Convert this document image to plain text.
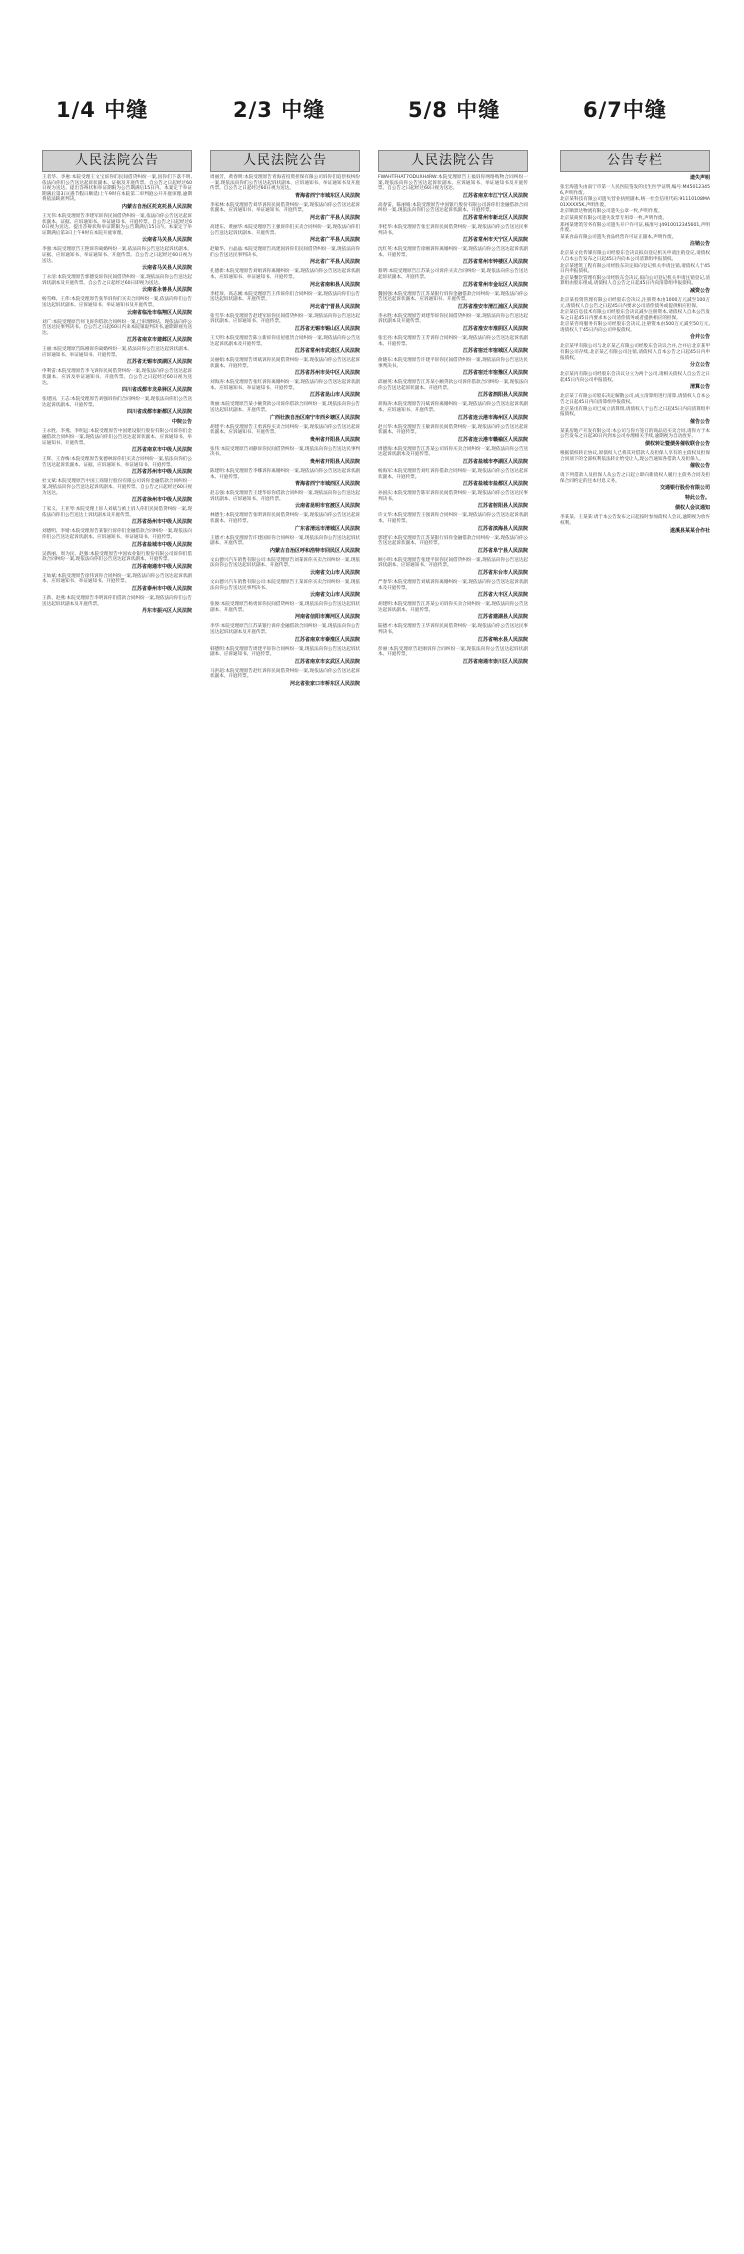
1/4 中缝	2/3 中缝	5/8 中缝	6/7中缝
人民法院公告
王者华、李惠:本院受理王文宝诉你们民间借贷纠纷一案,因你们下落不明,依法向你们公告送达起诉状副本、证据及开庭传票。自公告之日起经过60日视为送达。提出答辩状和举证期限为公告期满后15日内。本案定于举证期满后第3日(遇节假日顺延)上午9时在本院第二审判庭公开开庭审理,逾期将依法缺席判决。
内蒙古自治区托克托县人民法院
王光伟:本院受理原告李建军诉你民间借贷纠纷一案,依法向你公告送达起诉状副本、证据、应诉通知书、举证通知书、开庭传票。自公告之日起经过60日视为送达。提出答辩状和举证期限为公告期满后15日内。本案定于举证期满后第3日上午9时在本院开庭审理。
云南省马关县人民法院
李强:本院受理原告王艳诉你离婚纠纷一案,依法向你公告送达起诉状副本、证据、应诉通知书、举证通知书、开庭传票。自公告之日起经过60日视为送达。
云南省马关县人民法院
丁永清:本院受理原告郭德发诉你民间借贷纠纷一案,现依法向你公告送达起诉状副本及开庭传票。自公告之日起经过60日即视为送达。
云南省永善县人民法院
杨雪峰、王伟:本院受理原告张华诉你们买卖合同纠纷一案,依法向你们公告送达起诉状副本、应诉通知书、举证通知书及开庭传票。
云南省临沧市临翔区人民法院
刘广:本院受理原告何飞诉你借款合同纠纷一案,已审理终结。现依法向你公告送达民事判决书。自公告之日起60日内来本院领取判决书,逾期即视为送达。
江苏省南京市建邺区人民法院
王丽:本院受理原告陈刚诉你离婚纠纷一案,依法向你公告送达起诉状副本、应诉通知书、举证通知书、开庭传票。
江苏省无锡市滨湖区人民法院
申利雷:本院受理原告李飞诉你民间借贷纠纷一案,现依法向你公告送达起诉状副本、应诉及举证通知书、开庭传票。自公告之日起经过60日视为送达。
四川省成都市龙泉驿区人民法院
张建国、王志:本院受理原告刘强诉你们合同纠纷一案,现依法向你们公告送达起诉状副本、开庭传票。
四川省成都市新都区人民法院
中院公告
王永胜、李燕、李明远:本院受理原告中国建设银行股份有限公司诉你们金融借款合同纠纷一案,现依法向你们公告送达起诉状副本、应诉通知书、举证通知书、开庭传票。
江苏省南京市中级人民法院
王辉、王春梅:本院受理原告张德林诉你们买卖合同纠纷一案,依法向你们公告送达起诉状副本、证据、应诉通知书、举证通知书、开庭传票。
江苏省苏州市中级人民法院
杜文斌:本院受理原告中国工商银行股份有限公司诉你金融借款合同纠纷一案,现依法向你公告送达起诉状副本、开庭传票。自公告之日起经过60日视为送达。
江苏省徐州市中级人民法院
丁家义、王亚琴:本院受理上诉人刘斌与被上诉人你们民间借贷纠纷一案,现依法向你们公告送达上诉状副本及开庭传票。
江苏省扬州市中级人民法院
刘德明、李婧:本院受理原告某银行诉你们金融借款合同纠纷一案,现依法向你们公告送达起诉状副本、应诉通知书、举证通知书、开庭传票。
江苏省盐城市中级人民法院
吴新丽、周为民、赵强:本院受理原告中国农业银行股份有限公司诉你们借款合同纠纷一案,现依法向你们公告送达起诉状副本、开庭传票。
江苏省南通市中级人民法院
王灿斌:本院受理原告徐伟诉你合同纠纷一案,现依法向你公告送达起诉状副本、应诉通知书、举证通知书、开庭传票。
江苏省泰州市中级人民法院
王新、赵燕:本院受理原告李明诉你们借款合同纠纷一案,现依法向你们公告送达起诉状副本及开庭传票。
丹东市振兴区人民法院
人民法院公告
周丽芳、黄春明:本院受理原告青海省投资担保有限公司诉你们追偿权纠纷一案,现依法向你们公告送达起诉状副本、应诉通知书、举证通知书及开庭传票。自公告之日起经过60日视为送达。
青海省西宁市城东区人民法院
李家林:本院受理原告刘华诉你民间借贷纠纷一案,现依法向你公告送达起诉状副本、应诉通知书、举证通知书、开庭传票。
河北省广平县人民法院
高建东、黄丽华:本院受理原告王强诉你们买卖合同纠纷一案,现依法向你们公告送达起诉状副本、开庭传票。
河北省广平县人民法院
赵敏华、白晶晶:本院受理原告高建国诉你们民间借贷纠纷一案,现依法向你们公告送达民事判决书。
河北省广平县人民法院
孔德新:本院受理原告刘娟诉你离婚纠纷一案,现依法向你公告送达起诉状副本、应诉通知书、举证通知书、开庭传票。
河北省南和县人民法院
李桂珍、高志刚:本院受理原告王伟诉你们合同纠纷一案,现依法向你们公告送达起诉状副本、开庭传票。
河北省宁晋县人民法院
张雪华:本院受理原告赵建军诉你民间借贷纠纷一案,现依法向你公告送达起诉状副本、应诉通知书、开庭传票。
江苏省无锡市锡山区人民法院
王天明:本院受理原告陈立新诉你房屋租赁合同纠纷一案,现依法向你公告送达起诉状副本及开庭传票。
江苏省常州市武进区人民法院
吴丽娟:本院受理原告周斌诉你民间借贷纠纷一案,现依法向你公告送达起诉状副本、开庭传票。
江苏省苏州市吴中区人民法院
刘海涛:本院受理原告张红诉你离婚纠纷一案,现依法向你公告送达起诉状副本、应诉通知书、举证通知书、开庭传票。
江苏省昆山市人民法院
黄丽:本院受理原告某小额贷款公司诉你借款合同纠纷一案,现依法向你公告送达起诉状副本、开庭传票。
广西壮族自治区南宁市西乡塘区人民法院
胡建平:本院受理原告王勇诉你买卖合同纠纷一案,现依法向你公告送达起诉状副本、应诉通知书、开庭传票。
贵州省开阳县人民法院
张伟:本院受理原告刘静诉你民间借贷纠纷一案,现依法向你公告送达民事判决书。
贵州省开阳县人民法院
陈建明:本院受理原告李娜诉你离婚纠纷一案,现依法向你公告送达起诉状副本、开庭传票。
青海省西宁市城西区人民法院
赵志强:本院受理原告王建华诉你借款合同纠纷一案,现依法向你公告送达起诉状副本、应诉通知书、开庭传票。
云南省昆明市官渡区人民法院
林德生:本院受理原告张明诉你民间借贷纠纷一案,现依法向你公告送达起诉状副本、开庭传票。
广东省清远市清城区人民法院
王德才:本院受理原告许建国诉你合同纠纷一案,现依法向你公告送达起诉状副本、开庭传票。
内蒙古自治区呼和浩特市回民区人民法院
文山德兴汽车销售有限公司:本院受理原告刘某诉你买卖合同纠纷一案,现依法向你公告送达起诉状副本、开庭传票。
云南省文山市人民法院
文山德兴汽车销售有限公司:本院受理原告王某诉你买卖合同纠纷一案,现依法向你公告送达民事判决书。
云南省文山市人民法院
张俊:本院受理原告杨勇诉你民间借贷纠纷一案,现依法向你公告送达起诉状副本、开庭传票。
河南省信阳市浉河区人民法院
李华:本院受理原告江苏某银行诉你金融借款合同纠纷一案,现依法向你公告送达起诉状副本及开庭传票。
江苏省南京市秦淮区人民法院
韩德明:本院受理原告周建平诉你合同纠纷一案,现依法向你公告送达起诉状副本、应诉通知书、开庭传票。
江苏省南京市玄武区人民法院
马洪超:本院受理原告赵红诉你民间借贷纠纷一案,现依法向你公告送达起诉状副本、开庭传票。
河北省张家口市桥东区人民法院
人民法院公告
FWAHTFHAT7ODUXH4RW:本院受理原告王福诉你网络购物合同纠纷一案,现依法向你公告送达起诉状副本、应诉通知书、举证通知书及开庭传票。自公告之日起经过60日视为送达。
江苏省南京市江宁区人民法院
高春雷、陈丽娟:本院受理原告中国银行股份有限公司诉你们金融借款合同纠纷一案,现依法向你们公告送达起诉状副本、开庭传票。
江苏省常州市新北区人民法院
李桂华:本院受理原告张宏诉你民间借贷纠纷一案,现依法向你公告送达民事判决书。
江苏省常州市天宁区人民法院
沈红英:本院受理原告徐刚诉你离婚纠纷一案,现依法向你公告送达起诉状副本、开庭传票。
江苏省常州市钟楼区人民法院
蔡明:本院受理原告江苏某公司诉你买卖合同纠纷一案,现依法向你公告送达起诉状副本、开庭传票。
江苏省常州市金坛区人民法院
魏国强:本院受理原告江苏某银行诉你金融借款合同纠纷一案,现依法向你公告送达起诉状副本、应诉通知书、开庭传票。
江苏省淮安市清江浦区人民法院
李永胜:本院受理原告刘建华诉你民间借贷纠纷一案,现依法向你公告送达起诉状副本及开庭传票。
江苏省淮安市淮阴区人民法院
张宏亮:本院受理原告王芳诉你合同纠纷一案,现依法向你公告送达起诉状副本、开庭传票。
江苏省宿迁市宿城区人民法院
俞晓东:本院受理原告许建平诉你民间借贷纠纷一案,现依法向你公告送达民事判决书。
江苏省宿迁市宿豫区人民法院
邱丽英:本院受理原告江苏某小额贷款公司诉你借款合同纠纷一案,现依法向你公告送达起诉状副本、开庭传票。
江苏省泗阳县人民法院
蒋海涛:本院受理原告冯斌诉你离婚纠纷一案,现依法向你公告送达起诉状副本、应诉通知书、开庭传票。
江苏省连云港市海州区人民法院
赵兴华:本院受理原告王敏诉你民间借贷纠纷一案,现依法向你公告送达起诉状副本、开庭传票。
江苏省连云港市赣榆区人民法院
周德海:本院受理原告江苏某公司诉你买卖合同纠纷一案,现依法向你公告送达起诉状副本及开庭传票。
江苏省盐城市亭湖区人民法院
杨海军:本院受理原告刘红诉你借款合同纠纷一案,现依法向你公告送达起诉状副本、开庭传票。
江苏省盐城市盐都区人民法院
孙国庆:本院受理原告陈军诉你民间借贷纠纷一案,现依法向你公告送达民事判决书。
江苏省射阳县人民法院
许文华:本院受理原告王强诉你合同纠纷一案,现依法向你公告送达起诉状副本、开庭传票。
江苏省滨海县人民法院
郭建军:本院受理原告江苏某银行诉你金融借款合同纠纷一案,现依法向你公告送达起诉状副本、开庭传票。
江苏省阜宁县人民法院
顾小明:本院受理原告张建平诉你民间借贷纠纷一案,现依法向你公告送达起诉状副本、应诉通知书、开庭传票。
江苏省东台市人民法院
严春华:本院受理原告刘斌诉你离婚纠纷一案,现依法向你公告送达起诉状副本及开庭传票。
江苏省大丰区人民法院
胡建明:本院受理原告江苏某公司诉你买卖合同纠纷一案,现依法向你公告送达起诉状副本、开庭传票。
江苏省建湖县人民法院
陆德才:本院受理原告王华诉你民间借贷纠纷一案,现依法向你公告送达民事判决书。
江苏省响水县人民法院
彭丽:本院受理原告赵刚诉你合同纠纷一案,现依法向你公告送达起诉状副本、开庭传票。
江苏省南通市崇川区人民法院
公告专栏
遗失声明
张宏海遗失由南宁市第一人民医院签发的出生医学证明,编号:M450123456,声明作废。
北京某科技有限公司遗失营业执照副本,统一社会信用代码:91110108MA01XXXX5K,声明作废。
北京顺景达物流有限公司遗失公章一枚,声明作废。
北京某商贸有限公司遗失发票专用章一枚,声明作废。
郑州某建筑劳务有限公司遗失开户许可证,核准号:J4910012345601,声明作废。
某某食品有限公司遗失食品经营许可证正副本,声明作废。
注销公告
北京某文化传媒有限公司经股东会决议拟向登记机关申请注销登记,请债权人自本公告发布之日起45日内向本公司清算组申报债权。
北京某建筑工程有限公司经股东决定拟向登记机关申请注销,请债权人于45日内申报债权。
北京某餐饮管理有限公司经股东会决议,拟向公司登记机关申请注销登记,清算组由股东组成,请债权人自公告之日起45日内向清算组申报债权。
减资公告
北京某投资管理有限公司经股东会决议,注册资本由1000万元减至100万元,请债权人自公告之日起45日内要求公司清偿债务或提供相应担保。
北京某信息技术有限公司经股东会决议减少注册资本,请债权人自本公告发布之日起45日内要求本公司清偿债务或者提供相应的担保。
北京某咨询服务有限公司经股东会决议,注册资本由500万元减至50万元,请债权人于45日内向公司申报债权。
合并公告
北京某甲有限公司与北京某乙有限公司经股东会决议合并,合并后北京某甲有限公司存续,北京某乙有限公司注销,请债权人自本公告之日起45日内申报债权。
分立公告
北京某丙有限公司经股东会决议分立为两个公司,请相关债权人自公告之日起45日内向公司申报债权。
清算公告
北京某丁有限公司股东决定解散公司,成立清算组进行清算,请债权人自本公告之日起45日内向清算组申报债权。
北京某戊有限公司已成立清算组,请债权人于公告之日起45日内向清算组申报债权。
催告公告
某某房地产开发有限公司:本公司与你方签订的商品房买卖合同,请你方于本公告发布之日起30日内到本公司办理相关手续,逾期视为自动放弃。
债权转让暨债务催收联合公告
根据债权转让协议,原债权人已将其对借款人及担保人享有的主债权及担保合同项下的全部权利依法转让给受让人,现公告通知各借款人及担保人。
催收公告
请下列借款人及担保人从公告之日起立即向新债权人履行主债务合同及担保合同约定的还本付息义务。
交通银行股份有限公司
特此公告。
债权人会议通知
李某某、王某某:请于本公告发布之日起按时参加债权人会议,逾期视为放弃权利。
遂溪县某某合作社
